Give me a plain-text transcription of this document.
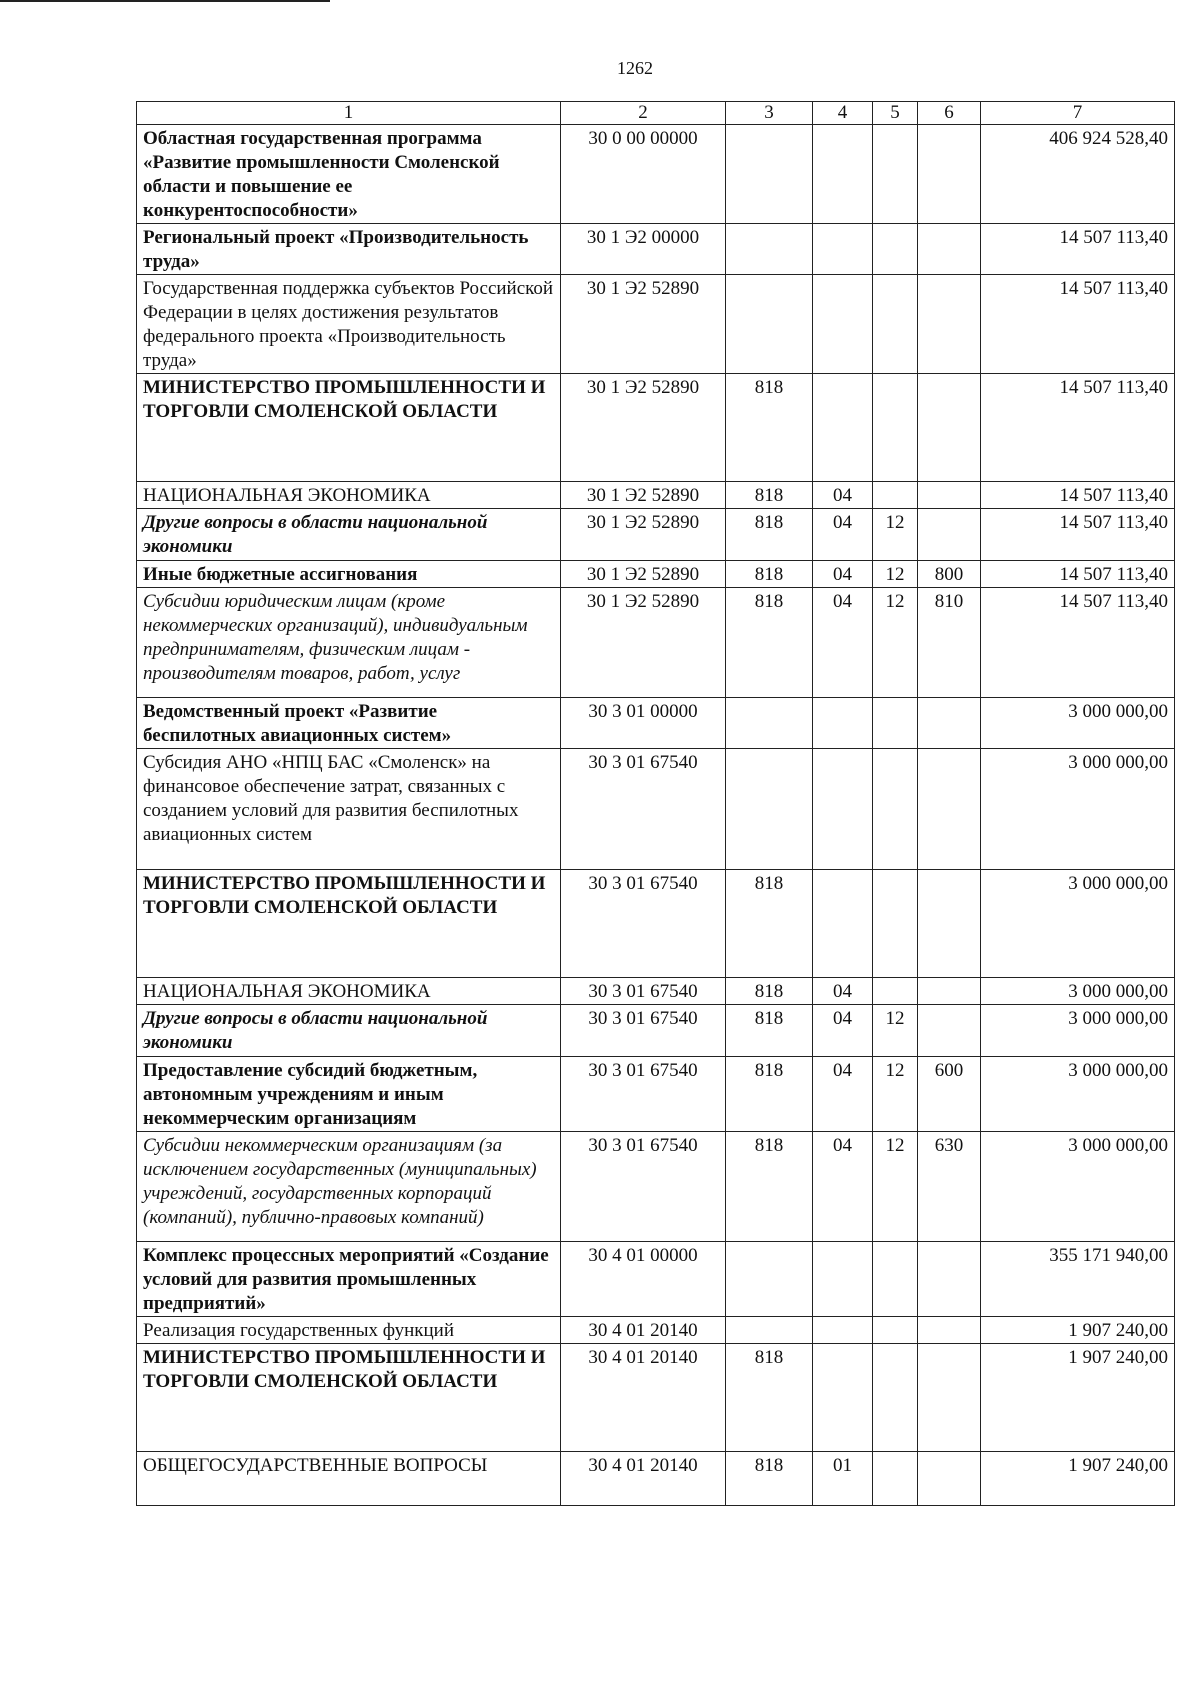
1262
1	2	3	4	5	6	7
Областная государственная программа «Развитие промышленности Смоленской области и повышение ее конкурентоспособности»	30 0 00 00000					406 924 528,40
Региональный проект «Производительность труда»	30 1 Э2 00000					14 507 113,40
Государственная поддержка субъектов Российской Федерации в целях достижения результатов федерального проекта «Производительность труда»	30 1 Э2 52890					14 507 113,40
МИНИСТЕРСТВО ПРОМЫШЛЕННОСТИ И ТОРГОВЛИ СМОЛЕНСКОЙ ОБЛАСТИ	30 1 Э2 52890	818				14 507 113,40
НАЦИОНАЛЬНАЯ ЭКОНОМИКА	30 1 Э2 52890	818	04			14 507 113,40
Другие вопросы в области национальной экономики	30 1 Э2 52890	818	04	12		14 507 113,40
Иные бюджетные ассигнования	30 1 Э2 52890	818	04	12	800	14 507 113,40
Субсидии юридическим лицам (кроме некоммерческих организаций), индивидуальным предпринимателям, физическим лицам - производителям товаров, работ, услуг	30 1 Э2 52890	818	04	12	810	14 507 113,40
Ведомственный проект «Развитие беспилотных авиационных систем»	30 3 01 00000					3 000 000,00
Субсидия АНО «НПЦ БАС «Смоленск» на финансовое обеспечение затрат, связанных с созданием условий для развития беспилотных авиационных систем	30 3 01 67540					3 000 000,00
МИНИСТЕРСТВО ПРОМЫШЛЕННОСТИ И ТОРГОВЛИ СМОЛЕНСКОЙ ОБЛАСТИ	30 3 01 67540	818				3 000 000,00
НАЦИОНАЛЬНАЯ ЭКОНОМИКА	30 3 01 67540	818	04			3 000 000,00
Другие вопросы в области национальной экономики	30 3 01 67540	818	04	12		3 000 000,00
Предоставление субсидий бюджетным, автономным учреждениям и иным некоммерческим организациям	30 3 01 67540	818	04	12	600	3 000 000,00
Субсидии некоммерческим организациям (за исключением государственных (муниципальных) учреждений, государственных корпораций (компаний), публично-правовых компаний)	30 3 01 67540	818	04	12	630	3 000 000,00
Комплекс процессных мероприятий «Создание условий для развития промышленных предприятий»	30 4 01 00000					355 171 940,00
Реализация государственных функций	30 4 01 20140					1 907 240,00
МИНИСТЕРСТВО ПРОМЫШЛЕННОСТИ И ТОРГОВЛИ СМОЛЕНСКОЙ ОБЛАСТИ	30 4 01 20140	818				1 907 240,00
ОБЩЕГОСУДАРСТВЕННЫЕ ВОПРОСЫ	30 4 01 20140	818	01			1 907 240,00
